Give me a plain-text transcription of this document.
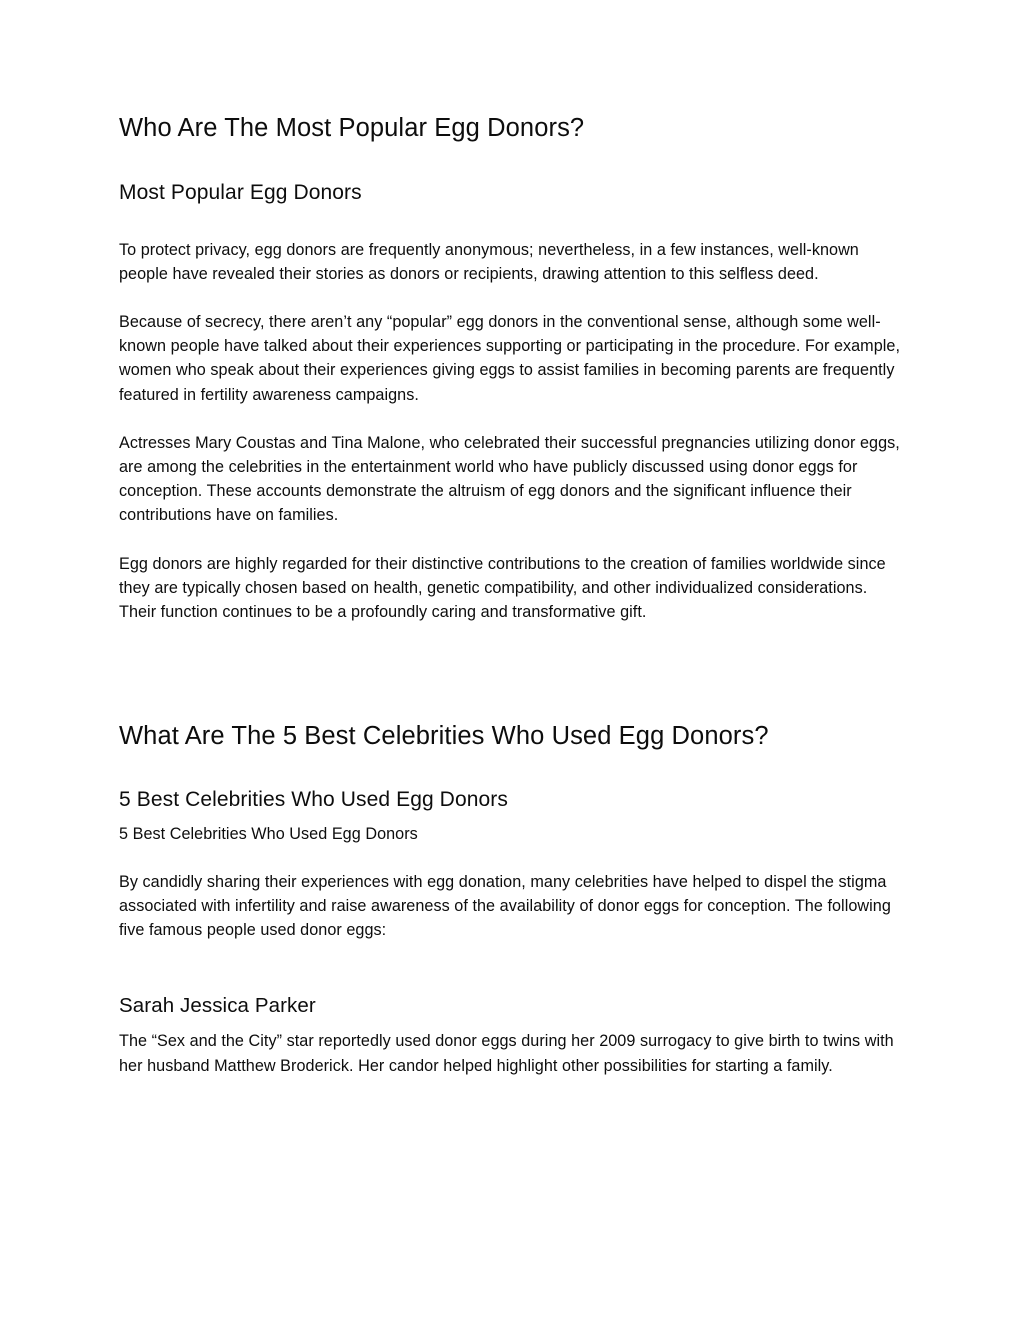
Who Are The Most Popular Egg Donors?
Most Popular Egg Donors

To protect privacy, egg donors are frequently anonymous; nevertheless, in a few instances, well-known people have revealed their stories as donors or recipients, drawing attention to this selfless deed.

Because of secrecy, there aren’t any “popular” egg donors in the conventional sense, although some well-known people have talked about their experiences supporting or participating in the procedure. For example, women who speak about their experiences giving eggs to assist families in becoming parents are frequently featured in fertility awareness campaigns.

Actresses Mary Coustas and Tina Malone, who celebrated their successful pregnancies utilizing donor eggs, are among the celebrities in the entertainment world who have publicly discussed using donor eggs for conception. These accounts demonstrate the altruism of egg donors and the significant influence their contributions have on families.

Egg donors are highly regarded for their distinctive contributions to the creation of families worldwide since they are typically chosen based on health, genetic compatibility, and other individualized considerations. Their function continues to be a profoundly caring and transformative gift.

What Are The 5 Best Celebrities Who Used Egg Donors?
5 Best Celebrities Who Used Egg Donors

5 Best Celebrities Who Used Egg Donors

By candidly sharing their experiences with egg donation, many celebrities have helped to dispel the stigma associated with infertility and raise awareness of the availability of donor eggs for conception. The following five famous people used donor eggs:

Sarah Jessica Parker

The “Sex and the City” star reportedly used donor eggs during her 2009 surrogacy to give birth to twins with her husband Matthew Broderick. Her candor helped highlight other possibilities for starting a family.
